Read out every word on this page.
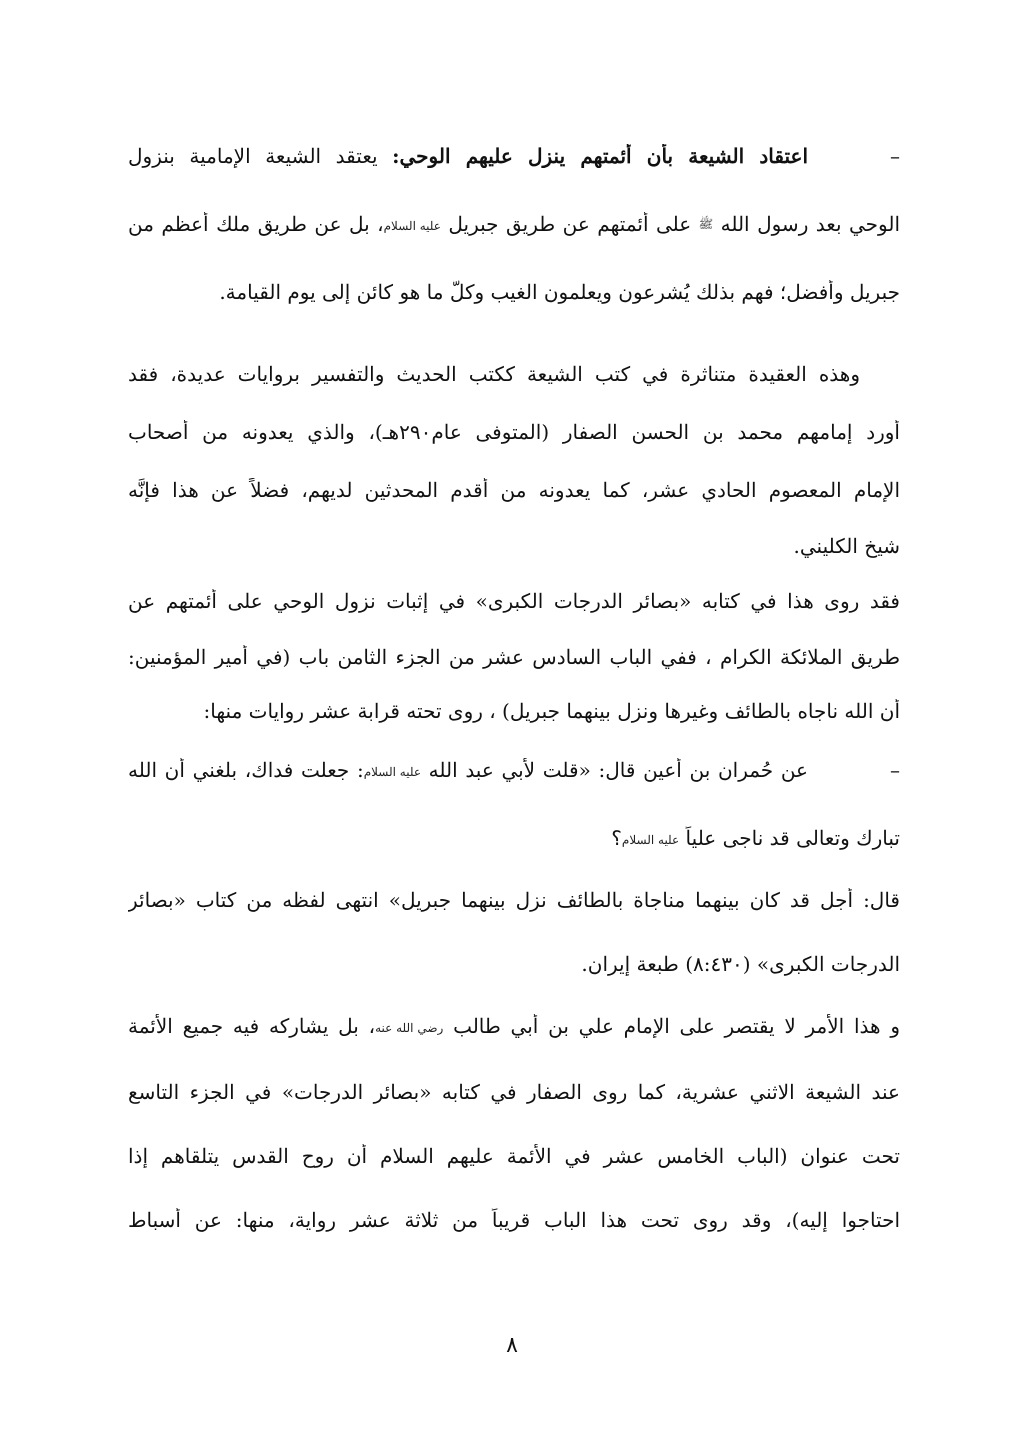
–اعتقاد الشيعة بأن أئمتهم ينزل عليهم الوحي: يعتقد الشيعة الإمامية بنزول
الوحي بعد رسول الله ﷺ على أئمتهم عن طريق جبريل عليه السلام، بل عن طريق ملك أعظم من
جبريل وأفضل؛ فهم بذلك يُشرعون ويعلمون الغيب وكلَّ ما هو كائن إلى يوم القيامة.
وهذه العقيدة متناثرة في كتب الشيعة ككتب الحديث والتفسير بروايات عديدة، فقد
أورد إمامهم محمد بن الحسن الصفار (المتوفى عام٢٩٠هـ)، والذي يعدونه من أصحاب
الإمام المعصوم الحادي عشر، كما يعدونه من أقدم المحدثين لديهم، فضلاً عن هذا فإنَّه
شيخ الكليني.
فقد روى هذا في كتابه «بصائر الدرجات الكبرى» في إثبات نزول الوحي على أئمتهم عن
طريق الملائكة الكرام ، ففي الباب السادس عشر من الجزء الثامن باب (في أمير المؤمنين:
أن الله ناجاه بالطائف وغيرها ونزل بينهما جبريل) ، روى تحته قرابة عشر روايات منها:
–عن حُمران بن أعين قال: «قلت لأبي عبد الله عليه السلام: جعلت فداك، بلغني أن الله
تبارك وتعالى قد ناجى علياً عليه السلام؟
قال: أجل قد كان بينهما مناجاة بالطائف نزل بينهما جبريل» انتهى لفظه من كتاب «بصائر
الدرجات الكبرى» (٨:٤٣٠) طبعة إيران.
و هذا الأمر لا يقتصر على الإمام علي بن أبي طالب رضي الله عنه، بل يشاركه فيه جميع الأئمة
عند الشيعة الاثني عشرية، كما روى الصفار في كتابه «بصائر الدرجات» في الجزء التاسع
تحت عنوان (الباب الخامس عشر في الأئمة عليهم السلام أن روح القدس يتلقاهم إذا
احتاجوا إليه)، وقد روى تحت هذا الباب قريباً من ثلاثة عشر رواية، منها: عن أسباط
٨
